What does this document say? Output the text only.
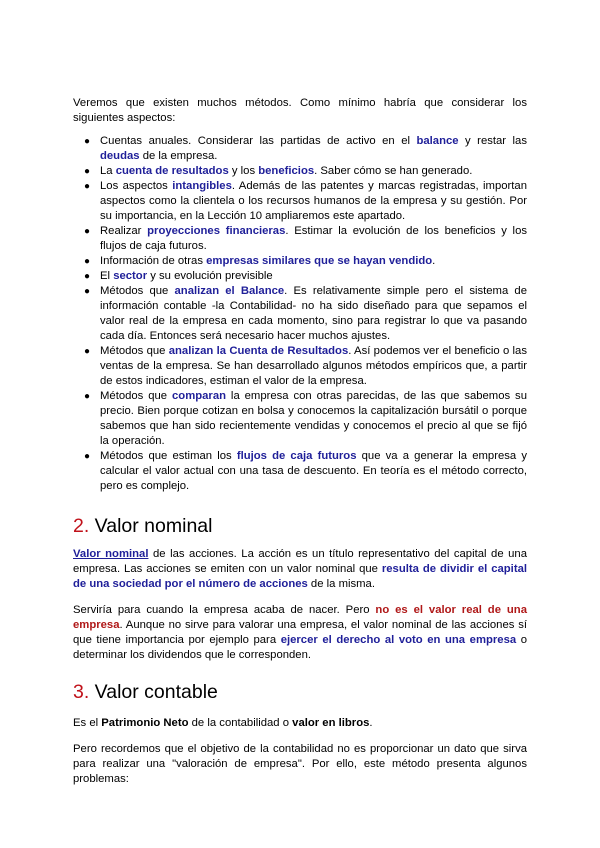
Veremos que existen muchos métodos. Como mínimo habría que considerar los siguientes aspectos:

● Cuentas anuales. Considerar las partidas de activo en el balance y restar las deudas de la empresa.
● La cuenta de resultados y los beneficios. Saber cómo se han generado.
● Los aspectos intangibles. Además de las patentes y marcas registradas, importan aspectos como la clientela o los recursos humanos de la empresa y su gestión. Por su importancia, en la Lección 10 ampliaremos este apartado.
● Realizar proyecciones financieras. Estimar la evolución de los beneficios y los flujos de caja futuros.
● Información de otras empresas similares que se hayan vendido.
● El sector y su evolución previsible
● Métodos que analizan el Balance. Es relativamente simple pero el sistema de información contable -la Contabilidad- no ha sido diseñado para que sepamos el valor real de la empresa en cada momento, sino para registrar lo que va pasando cada día. Entonces será necesario hacer muchos ajustes.
● Métodos que analizan la Cuenta de Resultados. Así podemos ver el beneficio o las ventas de la empresa. Se han desarrollado algunos métodos empíricos que, a partir de estos indicadores, estiman el valor de la empresa.
● Métodos que comparan la empresa con otras parecidas, de las que sabemos su precio. Bien porque cotizan en bolsa y conocemos la capitalización bursátil o porque sabemos que han sido recientemente vendidas y conocemos el precio al que se fijó la operación.
● Métodos que estiman los flujos de caja futuros que va a generar la empresa y calcular el valor actual con una tasa de descuento. En teoría es el método correcto, pero es complejo.
2. Valor nominal

Valor nominal de las acciones. La acción es un título representativo del capital de una empresa. Las acciones se emiten con un valor nominal que resulta de dividir el capital de una sociedad por el número de acciones de la misma.

Serviría para cuando la empresa acaba de nacer. Pero no es el valor real de una empresa. Aunque no sirve para valorar una empresa, el valor nominal de las acciones sí que tiene importancia por ejemplo para ejercer el derecho al voto en una empresa o determinar los dividendos que le corresponden.

3. Valor contable

Es el Patrimonio Neto de la contabilidad o valor en libros.

Pero recordemos que el objetivo de la contabilidad no es proporcionar un dato que sirva para realizar una "valoración de empresa". Por ello, este método presenta algunos problemas:
